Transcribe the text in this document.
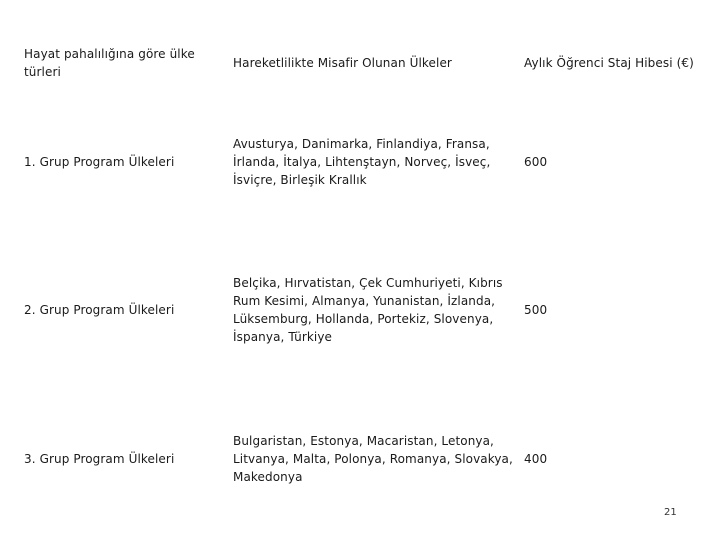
Hayat pahalılığına göre ülke
türleri
Hareketlilikte Misafir Olunan Ülkeler	Aylık Öğrenci Staj Hibesi (€)
1. Grup Program Ülkeleri
Avusturya, Danimarka, Finlandiya, Fransa,
İrlanda, İtalya, Lihtenştayn, Norveç, İsveç,
İsviçre, Birleşik Krallık
600
2. Grup Program Ülkeleri
Belçika, Hırvatistan, Çek Cumhuriyeti, Kıbrıs
Rum Kesimi, Almanya, Yunanistan, İzlanda,
Lüksemburg, Hollanda, Portekiz, Slovenya,
İspanya, Türkiye
500
3. Grup Program Ülkeleri
Bulgaristan, Estonya, Macaristan, Letonya,
Litvanya, Malta, Polonya, Romanya, Slovakya,
Makedonya
400
21
